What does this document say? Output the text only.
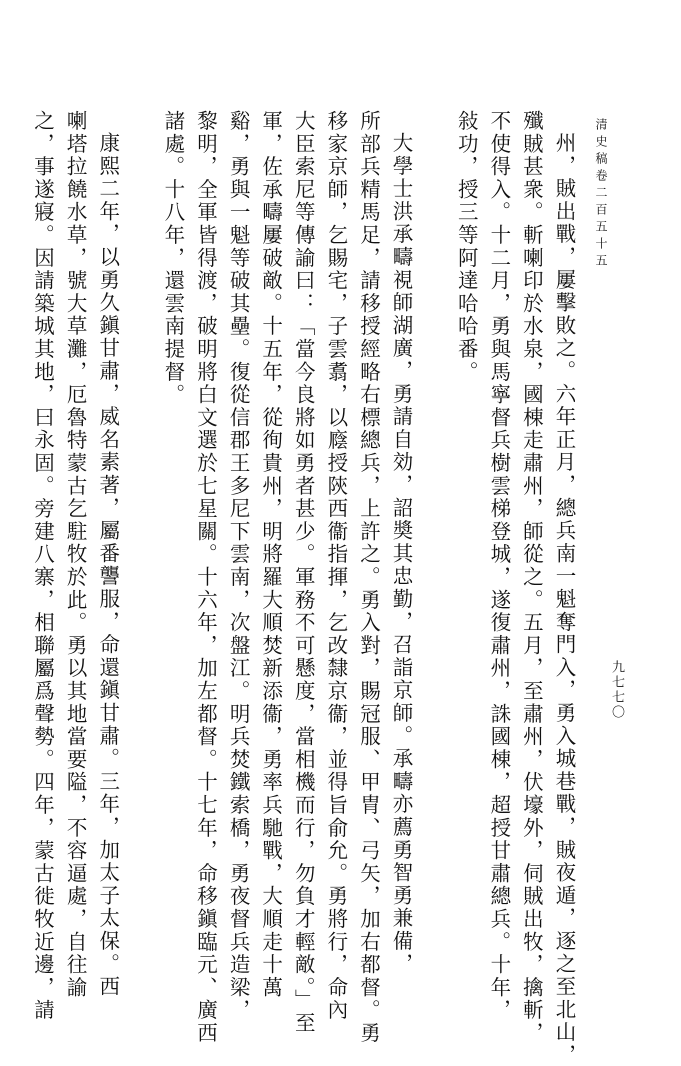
清史稿卷二百五十五
九七七〇

州，賊出戰，屢擊敗之。六年正月，總兵南一魁奪門入，勇入城巷戰，賊夜遁，逐之至北山，
殲賊甚衆。斬喇印於水泉，國棟走肅州，師從之。五月，至肅州，伏壕外，伺賊出牧，擒斬，
不使得入。十二月，勇與馬寧督兵樹雲梯登城，遂復肅州，誅國棟，超授甘肅總兵。十年，
敍功，授三等阿達哈哈番。
大學士洪承疇視師湖廣，勇請自効，詔奬其忠勤，召詣京師。承疇亦薦勇智勇兼備，
所部兵精馬足，請移授經略右標總兵，上許之。勇入對，賜冠服、甲胄、弓矢，加右都督。勇
移家京師，乞賜宅，子雲翥，以廕授陝西衞指揮，乞改隸京衞，並得旨俞允。勇將行，命內
大臣索尼等傳諭曰：「當今良將如勇者甚少。軍務不可懸度，當相機而行，勿負才輕敵。」至
軍，佐承疇屢破敵。十五年，從徇貴州，明將羅大順焚新添衞，勇率兵馳戰，大順走十萬
谿，勇與一魁等破其壘。復從信郡王多尼下雲南，次盤江。明兵焚鐵索橋，勇夜督兵造梁，
黎明，全軍皆得渡，破明將白文選於七星關。十六年，加左都督。十七年，命移鎭臨元、廣西
諸處。十八年，還雲南提督。
康熙二年，以勇久鎭甘肅，威名素著，屬番讋服，命還鎭甘肅。三年，加太子太保。西
喇塔拉饒水草，號大草灘，厄魯特蒙古乞駐牧於此。勇以其地當要隘，不容逼處，自往諭
之，事遂寢。因請築城其地，曰永固。旁建八寨，相聯屬爲聲勢。四年，蒙古徙牧近邊，請
